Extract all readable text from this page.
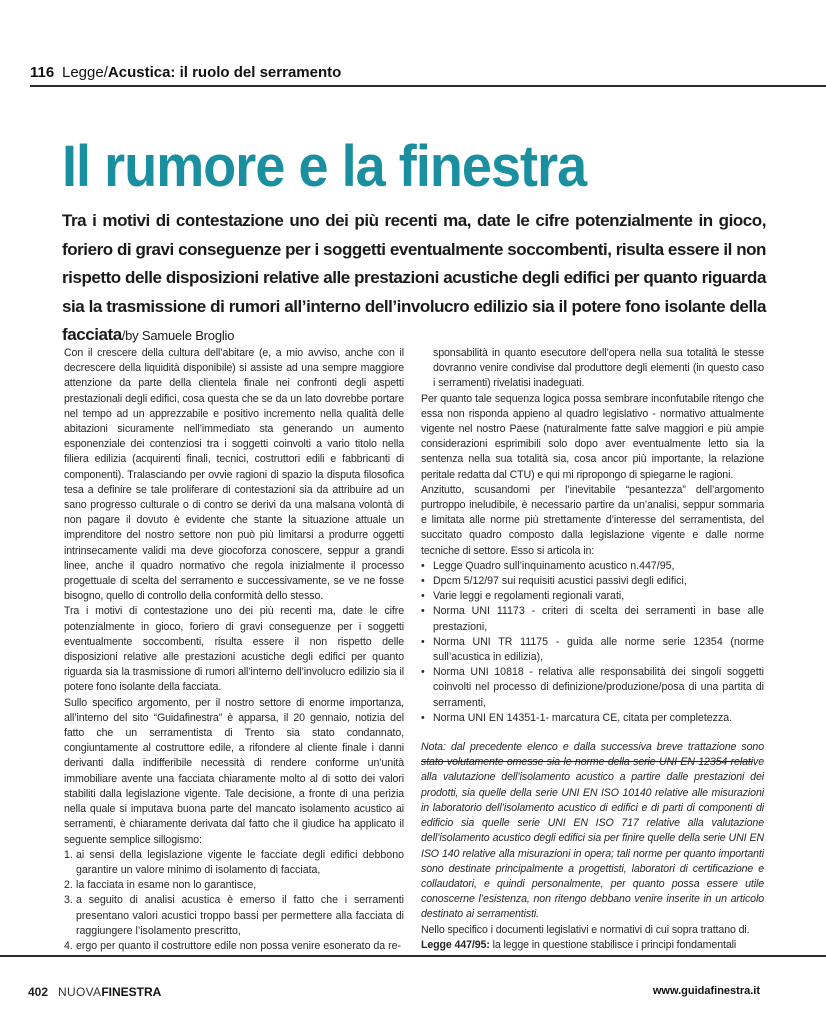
116 Legge/Acustica: il ruolo del serramento
Il rumore e la finestra
Tra i motivi di contestazione uno dei più recenti ma, date le cifre potenzialmente in gioco, foriero di gravi conseguenze per i soggetti eventualmente soccombenti, risulta essere il non rispetto delle disposizioni relative alle prestazioni acustiche degli edifici per quanto riguarda sia la trasmissione di rumori all’interno dell’involucro edilizio sia il potere fono isolante della facciata/by Samuele Broglio

Con il crescere della cultura dell’abitare (e, a mio avviso, anche con il decrescere della liquidità disponibile) si assiste ad una sempre maggiore attenzione da parte della clientela finale nei confronti degli aspetti prestazionali degli edifici, cosa questa che se da un lato dovrebbe portare nel tempo ad un apprezzabile e positivo incremento nella qualità delle abitazioni sicuramente nell’immediato sta generando un aumento esponenziale dei contenziosi tra i soggetti coinvolti a vario titolo nella filiera edilizia (acquirenti finali, tecnici, costruttori edili e fabbricanti di componenti). Tralasciando per ovvie ragioni di spazio la disputa filosofica tesa a definire se tale proliferare di contestazioni sia da attribuire ad un sano progresso culturale o di contro se derivi da una malsana volontà di non pagare il dovuto è evidente che stante la situazione attuale un imprenditore del nostro settore non può più limitarsi a produrre oggetti intrinsecamente validi ma deve giocoforza conoscere, seppur a grandi linee, anche il quadro normativo che regola inizialmente il processo progettuale di scelta del serramento e successivamente, se ve ne fosse bisogno, quello di controllo della conformità dello stesso.

Tra i motivi di contestazione uno dei più recenti ma, date le cifre potenzialmente in gioco, foriero di gravi conseguenze per i soggetti eventualmente soccombenti, risulta essere il non rispetto delle disposizioni relative alle prestazioni acustiche degli edifici per quanto riguarda sia la trasmissione di rumori all’interno dell’involucro edilizio sia il potere fono isolante della facciata.

Sullo specifico argomento, per il nostro settore di enorme importanza, all’interno del sito “Guidafinestra” è apparsa, il 20 gennaio, notizia del fatto che un serramentista di Trento sia stato condannato, congiuntamente al costruttore edile, a rifondere al cliente finale i danni derivanti dalla indifferibile necessità di rendere conforme un’unità immobiliare avente una facciata chiaramente molto al di sotto dei valori stabiliti dalla legislazione vigente. Tale decisione, a fronte di una perizia nella quale si imputava buona parte del mancato isolamento acustico ai serramenti, è chiaramente derivata dal fatto che il giudice ha applicato il seguente semplice sillogismo:

1. ai sensi della legislazione vigente le facciate degli edifici debbono garantire un valore minimo di isolamento di facciata,
2. la facciata in esame non lo garantisce,
3. a seguito di analisi acustica è emerso il fatto che i serramenti presentano valori acustici troppo bassi per permettere alla facciata di raggiungere l’isolamento prescritto,
4. ergo per quanto il costruttore edile non possa venire esonerato da re-

sponsabilità in quanto esecutore dell’opera nella sua totalità le stesse dovranno venire condivise dal produttore degli elementi (in questo caso i serramenti) rivelatisi inadeguati.

Per quanto tale sequenza logica possa sembrare inconfutabile ritengo che essa non risponda appieno al quadro legislativo - normativo attualmente vigente nel nostro Paese (naturalmente fatte salve maggiori e più ampie considerazioni esprimibili solo dopo aver eventualmente letto sia la sentenza nella sua totalità sia, cosa ancor più importante, la relazione peritale redatta dal CTU) e qui mi ripropongo di spiegarne le ragioni.

Anzitutto, scusandomi per l’inevitabile “pesantezza” dell’argomento purtroppo ineludibile, è necessario partire da un’analisi, seppur sommaria e limitata alle norme più strettamente d’interesse del serramentista, del succitato quadro composto dalla legislazione vigente e dalle norme tecniche di settore. Esso si articola in:

• Legge Quadro sull’inquinamento acustico n.447/95,
• Dpcm 5/12/97 sui requisiti acustici passivi degli edifici,
• Varie leggi e regolamenti regionali varati,
• Norma UNI 11173 - criteri di scelta dei serramenti in base alle prestazioni,
• Norma UNI TR 11175 - guida alle norme serie 12354 (norme sull’acustica in edilizia),
• Norma UNI 10818 - relativa alle responsabilità dei singoli soggetti coinvolti nel processo di definizione/produzione/posa di una partita di serramenti,
• Norma UNI EN 14351-1- marcatura CE, citata per completezza.

Nota: dal precedente elenco e dalla successiva breve trattazione sono stato volutamente omesse sia le norme della serie UNI EN 12354 relative alla valutazione dell’isolamento acustico a partire dalle prestazioni dei prodotti, sia quelle della serie UNI EN ISO 10140 relative alle misurazioni in laboratorio dell’isolamento acustico di edifici e di parti di componenti di edificio sia quelle serie UNI EN ISO 717 relative alla valutazione dell’isolamento acustico degli edifici sia per finire quelle della serie UNI EN ISO 140 relative alla misurazioni in opera; tali norme per quanto importanti sono destinate principalmente a progettisti, laboratori di certificazione e collaudatori, e quindi personalmente, per quanto possa essere utile conoscerne l’esistenza, non ritengo debbano venire inserite in un articolo destinato ai serramentisti.

Nello specifico i documenti legislativi e normativi di cui sopra trattano di.

Legge 447/95: la legge in questione stabilisce i principi fondamentali

402 NUOVAFINESTRA	www.guidafinestra.it
